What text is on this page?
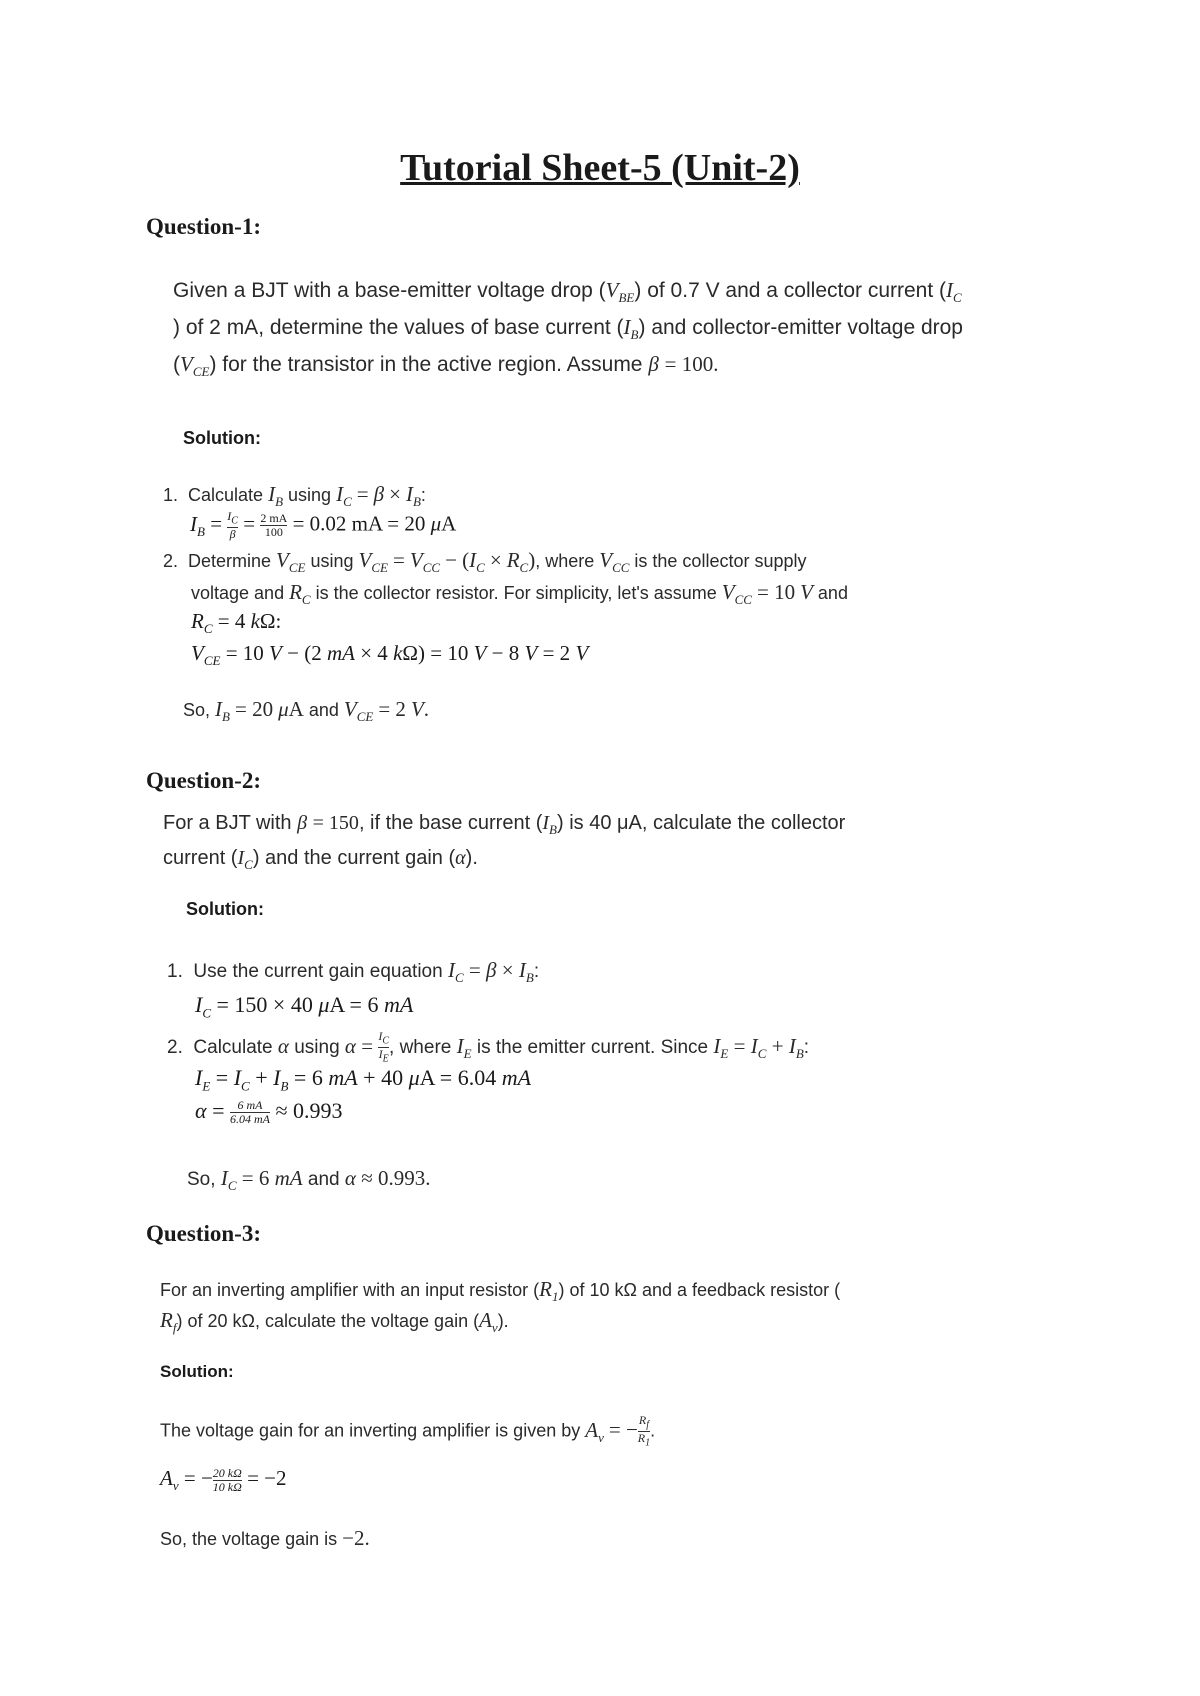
Tutorial Sheet-5 (Unit-2)
Question-1:
Given a BJT with a base-emitter voltage drop $(V_{BE})$ of 0.7 V and a collector current ($I_C$
) of 2 mA, determine the values of base current $(I_B)$ and collector-emitter voltage drop
$(V_{CE})$ for the transistor in the active region. Assume β = 100.
Solution:
1.  Calculate $I_B$ using $I_C = \beta \times I_B$:
$I_B = \frac{I_C}{\beta} = \frac{2 mA}{100} = 0.02$ mA = 20 μA
2.  Determine $V_{CE}$ using $V_{CE} = V_{CC} - (I_C \times R_C)$, where $V_{CC}$ is the collector supply
voltage and $R_C$ is the collector resistor. For simplicity, let's assume $V_{CC} = 10$ V and
$R_C = 4$ kΩ:
$V_{CE} = 10$ V − (2 mA × 4 kΩ) = 10 V − 8 V = 2 V
So, $I_B = 20$ μA and $V_{CE} = 2$ V.
Question-2:
For a BJT with β = 150, if the base current $(I_B)$ is 40 μA, calculate the collector
current $(I_C)$ and the current gain (α).
Solution:
1.  Use the current gain equation $I_C = \beta \times I_B$:
$I_C = 150 \times 40$ μA = 6 mA
2.  Calculate α using $\alpha = \frac{I_C}{I_E}$ , where $I_E$ is the emitter current. Since $I_E = I_C + I_B$:
$I_E = I_C + I_B = 6$ mA + 40 μA = 6.04 mA
$\alpha = \frac{6 mA}{6.04 mA} \approx 0.993$
So, $I_C = 6$ mA and α ≈ 0.993.
Question-3:
For an inverting amplifier with an input resistor $(R_1)$ of 10 kΩ and a feedback resistor (
$R_f$) of 20 kΩ, calculate the voltage gain $(A_v)$.
Solution:
The voltage gain for an inverting amplifier is given by $A_v$ = − $\frac{R_f}{R_1}$ .
$A_v$ = − $\frac{20 k\Omega}{10 k\Omega} = -2$
So, the voltage gain is −2.
